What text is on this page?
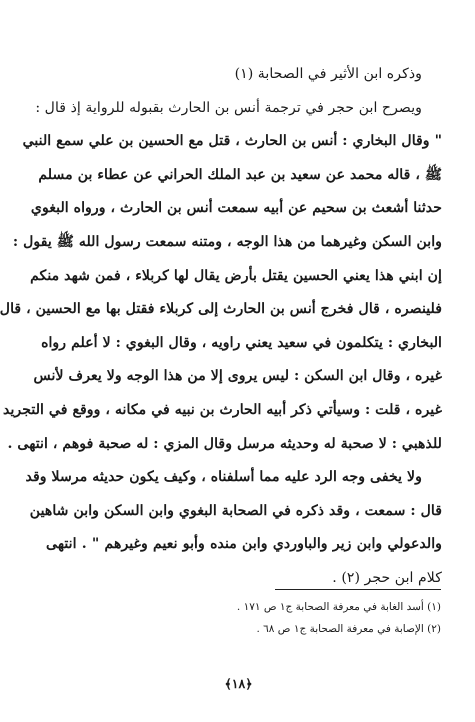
وذكره ابن الأثير في الصحابة (١)
ويصرح ابن حجر في ترجمة أنس بن الحارث بقبوله للرواية إذ قال :
" وقال البخاري : أنس بن الحارث ، قتل مع الحسين بن علي سمع النبي
ﷺ ، قاله محمد عن سعيد بن عبد الملك الحراني عن عطاء بن مسلم
حدثنا أشعث بن سحيم عن أبيه سمعت أنس بن الحارث ، ورواه البغوي
وابن السكن وغيرهما من هذا الوجه ، ومتنه سمعت رسول الله ﷺ يقول :
إن ابني هذا يعني الحسين يقتل بأرض يقال لها كربلاء ، فمن شهد منكم
فلينصره ، قال فخرج أنس بن الحارث إلى كربلاء فقتل بها مع الحسين ، قال
البخاري : يتكلمون في سعيد يعني راويه ، وقال البغوي : لا أعلم رواه
غيره ، وقال ابن السكن : ليس يروى إلا من هذا الوجه ولا يعرف لأنس
غيره ، قلت : وسيأتي ذكر أبيه الحارث بن نبيه في مكانه ، ووقع في التجريد
للذهبي : لا صحبة له وحديثه مرسل وقال المزي : له صحبة فوهم ، انتهى .
ولا يخفى وجه الرد عليه مما أسلفناه ، وكيف يكون حديثه مرسلا وقد
قال : سمعت ، وقد ذكره في الصحابة البغوي وابن السكن وابن شاهين
والدعولي وابن زير والباوردي وابن منده وأبو نعيم وغيرهم " . انتهى
كلام ابن حجر (٢) .
(١) أسد الغابة في معرفة الصحابة ج١ ص ١٧١ .
(٢) الإصابة في معرفة الصحابة ج١ ص ٦٨ .
﴿١٨﴾
